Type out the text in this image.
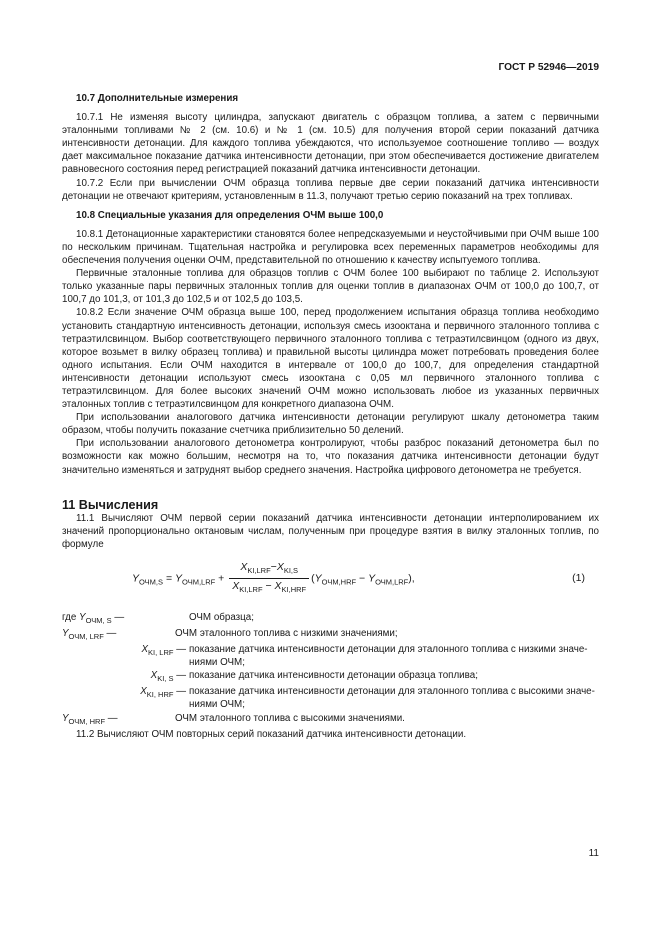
ГОСТ Р 52946—2019

10.7 Дополнительные измерения

10.7.1 Не изменяя высоту цилиндра, запускают двигатель с образцом топлива, а затем с первичными эталонными топливами № 2 (см. 10.6) и № 1 (см. 10.5) для получения второй серии показаний датчика интенсивности детонации. Для каждого топлива убеждаются, что используемое соотношение топливо — воздух дает максимальное показание датчика интенсивности детонации, при этом обеспечивается достижение двигателем равновесного состояния перед регистрацией показаний датчика интенсивности детонации.

10.7.2 Если при вычислении ОЧМ образца топлива первые две серии показаний датчика интенсивности детонации не отвечают критериям, установленным в 11.3, получают третью серию показаний на трех топливах.

10.8 Специальные указания для определения ОЧМ выше 100,0

10.8.1 Детонационные характеристики становятся более непредсказуемыми и неустойчивыми при ОЧМ выше 100 по нескольким причинам. Тщательная настройка и регулировка всех переменных параметров необходимы для обеспечения получения оценки ОЧМ, представительной по отношению к качеству испытуемого топлива.

Первичные эталонные топлива для образцов топлив с ОЧМ более 100 выбирают по таблице 2. Используют только указанные пары первичных эталонных топлив для оценки топлив в диапазонах ОЧМ от 100,0 до 100,7, от 100,7 до 101,3, от 101,3 до 102,5 и от 102,5 до 103,5.

10.8.2 Если значение ОЧМ образца выше 100, перед продолжением испытания образца топлива необходимо установить стандартную интенсивность детонации, используя смесь изооктана и первичного эталонного топлива с тетраэтилсвинцом. Выбор соответствующего первичного эталонного топлива с тетраэтилсвинцом (одного из двух, которое возьмет в вилку образец топлива) и правильной высоты цилиндра может потребовать проведения более одного испытания. Если ОЧМ находится в интервале от 100,0 до 100,7, для определения стандартной интенсивности детонации используют смесь изооктана с 0,05 мл первичного эталонного топлива с тетраэтилсвинцом. Для более высоких значений ОЧМ можно использовать любое из указанных первичных эталонных топлив с тетраэтилсвинцом для конкретного диапазона ОЧМ.

При использовании аналогового датчика интенсивности детонации регулируют шкалу детонометра таким образом, чтобы получить показание счетчика приблизительно 50 делений.

При использовании аналогового детонометра контролируют, чтобы разброс показаний детонометра был по возможности как можно большим, несмотря на то, что показания датчика интенсивности детонации будут значительно изменяться и затруднят выбор среднего значения. Настройка цифрового детонометра не требуется.

11 Вычисления

11.1 Вычисляют ОЧМ первой серии показаний датчика интенсивности детонации интерполированием их значений пропорционально октановым числам, полученным при процедуре взятия в вилку эталонных топлив, по формуле

$Y_{ОЧМ,S} = Y_{ОЧМ,LRF} + \frac{X_{KI,LRF}-X_{KI,S}}{X_{KI,LRF} - X_{KI,HRF}} (Y_{ОЧМ,HRF} - Y_{ОЧМ,LRF})$,	(1)
где $Y_{ОЧМ, S}$ —	ОЧМ образца;
$Y_{ОЧМ, LRF}$ —	ОЧМ эталонного топлива с низкими значениями;
$X_{KI, LRF}$ — показание датчика интенсивности детонации для эталонного топлива с низкими значе-
ниями ОЧМ;
$X_{KI, S}$ — показание датчика интенсивности детонации образца топлива;
$X_{KI, HRF}$ — показание датчика интенсивности детонации для эталонного топлива с высокими значе-
ниями ОЧМ;
$Y_{ОЧМ, HRF}$ —	ОЧМ эталонного топлива с высокими значениями.

11.2 Вычисляют ОЧМ повторных серий показаний датчика интенсивности детонации.

11
